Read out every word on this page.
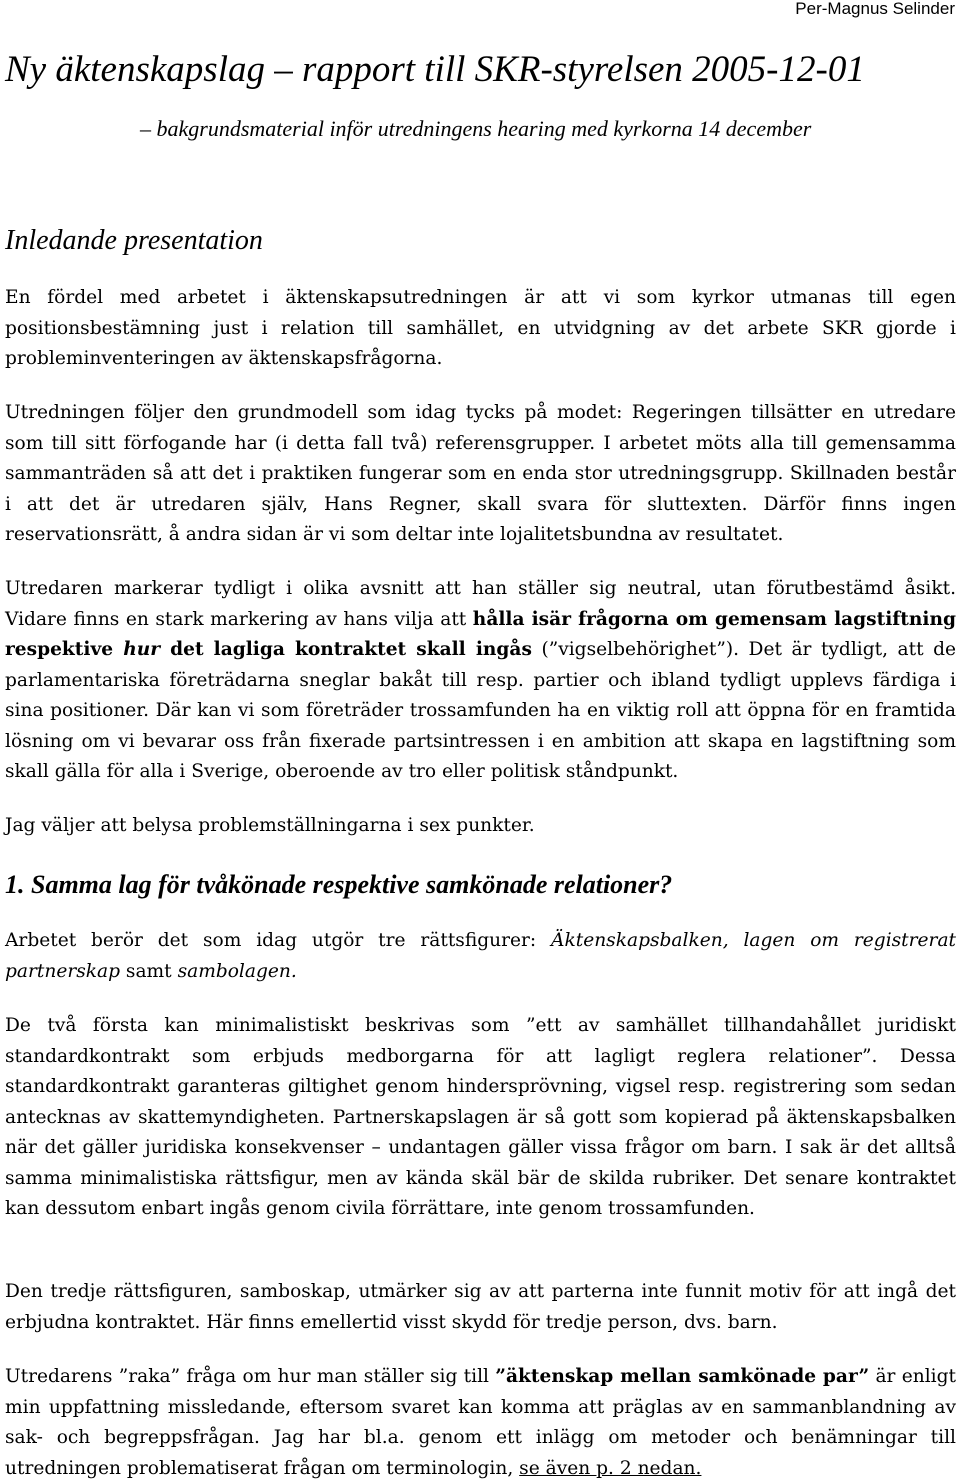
Per-Magnus Selinder
Ny äktenskapslag – rapport till SKR-styrelsen 2005-12-01
– bakgrundsmaterial inför utredningens hearing med kyrkorna 14 december
Inledande presentation

En fördel med arbetet i äktenskapsutredningen är att vi som kyrkor utmanas till egen positionsbestämning just i relation till samhället, en utvidgning av det arbete SKR gjorde i probleminventeringen av äktenskapsfrågorna.

Utredningen följer den grundmodell som idag tycks på modet: Regeringen tillsätter en utredare som till sitt förfogande har (i detta fall två) referensgrupper. I arbetet möts alla till gemensamma sammanträden så att det i praktiken fungerar som en enda stor utredningsgrupp. Skillnaden består i att det är utredaren själv, Hans Regner, skall svara för sluttexten. Därför finns ingen reservationsrätt, å andra sidan är vi som deltar inte lojalitetsbundna av resultatet.

Utredaren markerar tydligt i olika avsnitt att han ställer sig neutral, utan förutbestämd åsikt. Vidare finns en stark markering av hans vilja att hålla isär frågorna om gemensam lagstiftning respektive hur det lagliga kontraktet skall ingås (”vigselbehörighet”). Det är tydligt, att de parlamentariska företrädarna sneglar bakåt till resp. partier och ibland tydligt upplevs färdiga i sina positioner. Där kan vi som företräder trossamfunden ha en viktig roll att öppna för en framtida lösning om vi bevarar oss från fixerade partsintressen i en ambition att skapa en lagstiftning som skall gälla för alla i Sverige, oberoende av tro eller politisk ståndpunkt.

Jag väljer att belysa problemställningarna i sex punkter.

1. Samma lag för tvåkönade respektive samkönade relationer?

Arbetet berör det som idag utgör tre rättsfigurer: Äktenskapsbalken, lagen om registrerat partnerskap samt sambolagen.

De två första kan minimalistiskt beskrivas som ”ett av samhället tillhandahållet juridiskt standardkontrakt som erbjuds medborgarna för att lagligt reglera relationer”. Dessa standardkontrakt garanteras giltighet genom hindersprövning, vigsel resp. registrering som sedan antecknas av skattemyndigheten. Partnerskapslagen är så gott som kopierad på äktenskapsbalken när det gäller juridiska konsekvenser – undantagen gäller vissa frågor om barn. I sak är det alltså samma minimalistiska rättsfigur, men av kända skäl bär de skilda rubriker. Det senare kontraktet kan dessutom enbart ingås genom civila förrättare, inte genom trossamfunden.

Den tredje rättsfiguren, samboskap, utmärker sig av att parterna inte funnit motiv för att ingå det erbjudna kontraktet. Här finns emellertid visst skydd för tredje person, dvs. barn.

Utredarens ”raka” fråga om hur man ställer sig till ”äktenskap mellan samkönade par” är enligt min uppfattning missledande, eftersom svaret kan komma att präglas av en sammanblandning av sak- och begreppsfrågan. Jag har bl.a. genom ett inlägg om metoder och benämningar till utredningen problematiserat frågan om terminologin, se även p. 2 nedan.
